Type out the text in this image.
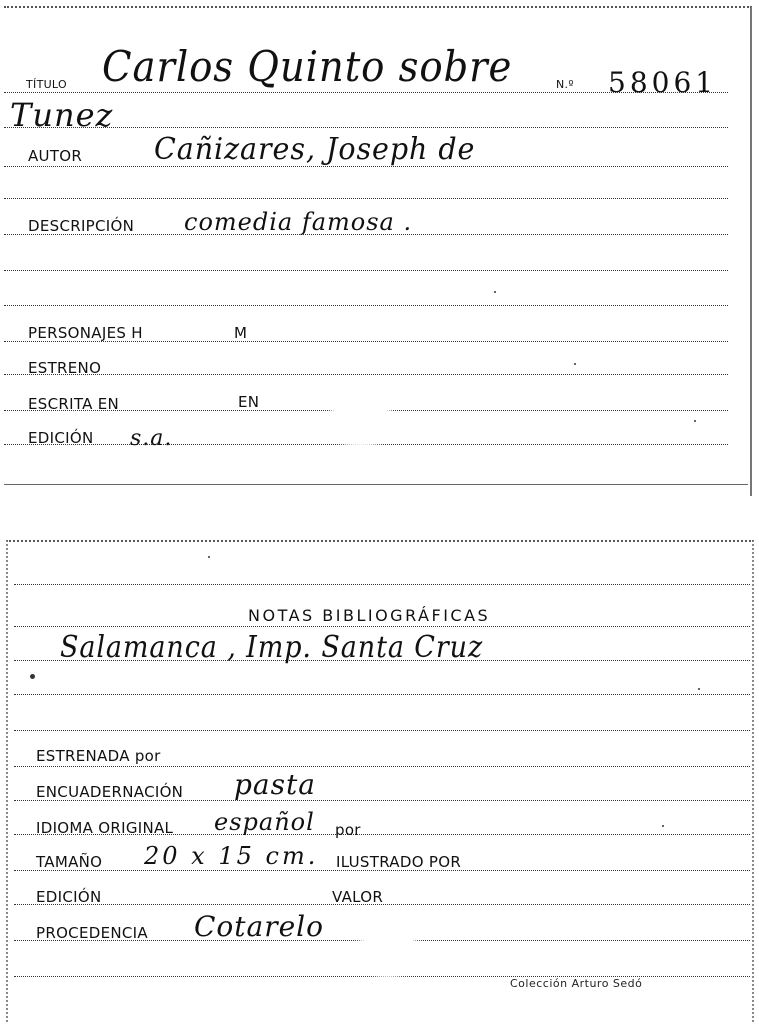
TÍTULO Carlos Quinto sobre	N.º 58061
Tunez
AUTOR Cañizares, Joseph de
DESCRIPCIÓN comedia famosa .
PERSONAJES H	M
ESTRENO
ESCRITA EN	EN
EDICIÓN s.a.
NOTAS BIBLIOGRÁFICAS
Salamanca , Imp. Santa Cruz
ESTRENADA por
ENCUADERNACIÓN pasta
IDIOMA ORIGINAL español por
TAMAÑO 20 x 15 cm. ILUSTRADO POR
EDICIÓN	VALOR
PROCEDENCIA Cotarelo
Colección Arturo Sedó
